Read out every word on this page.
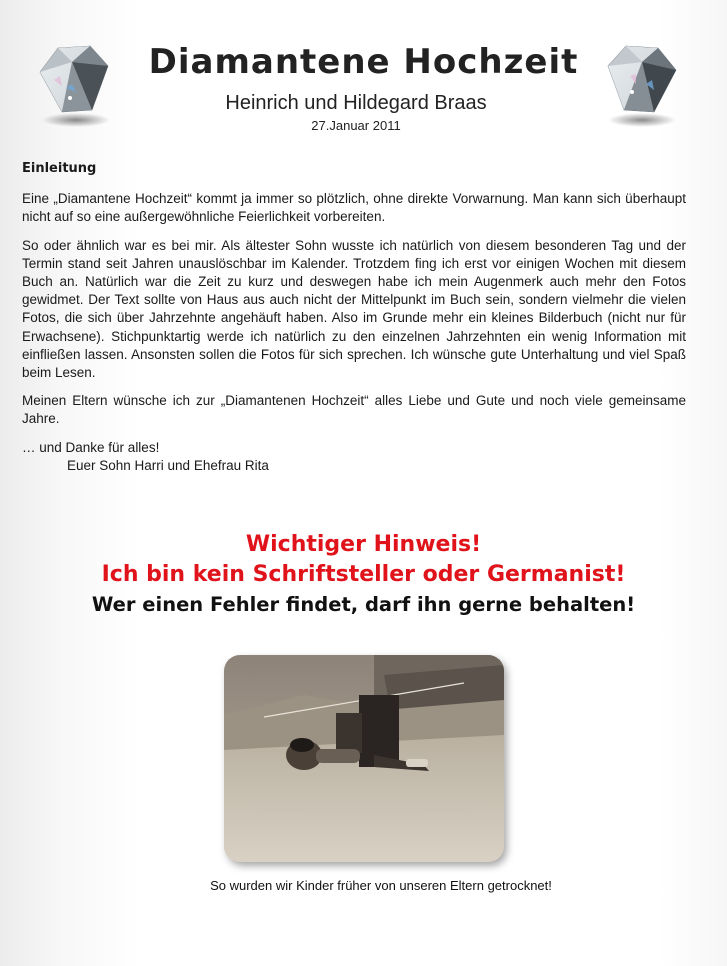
Diamantene Hochzeit
Heinrich und Hildegard Braas
27.Januar 2011
Einleitung

Eine „Diamantene Hochzeit“ kommt ja immer so plötzlich, ohne direkte Vorwarnung. Man kann sich überhaupt nicht auf so eine außergewöhnliche Feierlichkeit vorbereiten.

So oder ähnlich war es bei mir. Als ältester Sohn wusste ich natürlich von diesem besonderen Tag und der Termin stand seit Jahren unauslöschbar im Kalender. Trotzdem fing ich erst vor einigen Wochen mit diesem Buch an. Natürlich war die Zeit zu kurz und deswegen habe ich mein Augenmerk auch mehr den Fotos gewidmet. Der Text sollte von Haus aus auch nicht der Mittelpunkt im Buch sein, sondern vielmehr die vielen Fotos, die sich über Jahrzehnte angehäuft haben. Also im Grunde mehr ein kleines Bilderbuch (nicht nur für Erwachsene). Stichpunktartig werde ich natürlich zu den einzelnen Jahrzehnten ein wenig Information mit einfließen lassen. Ansonsten sollen die Fotos für sich sprechen. Ich wünsche gute Unterhaltung und viel Spaß beim Lesen.

Meinen Eltern wünsche ich zur „Diamantenen Hochzeit“ alles Liebe und Gute und noch viele gemeinsame Jahre.

… und Danke für alles!

Euer Sohn Harri und Ehefrau Rita

Wichtiger Hinweis!
Ich bin kein Schriftsteller oder Germanist!
Wer einen Fehler findet, darf ihn gerne behalten!
So wurden wir Kinder früher von unseren Eltern getrocknet!
